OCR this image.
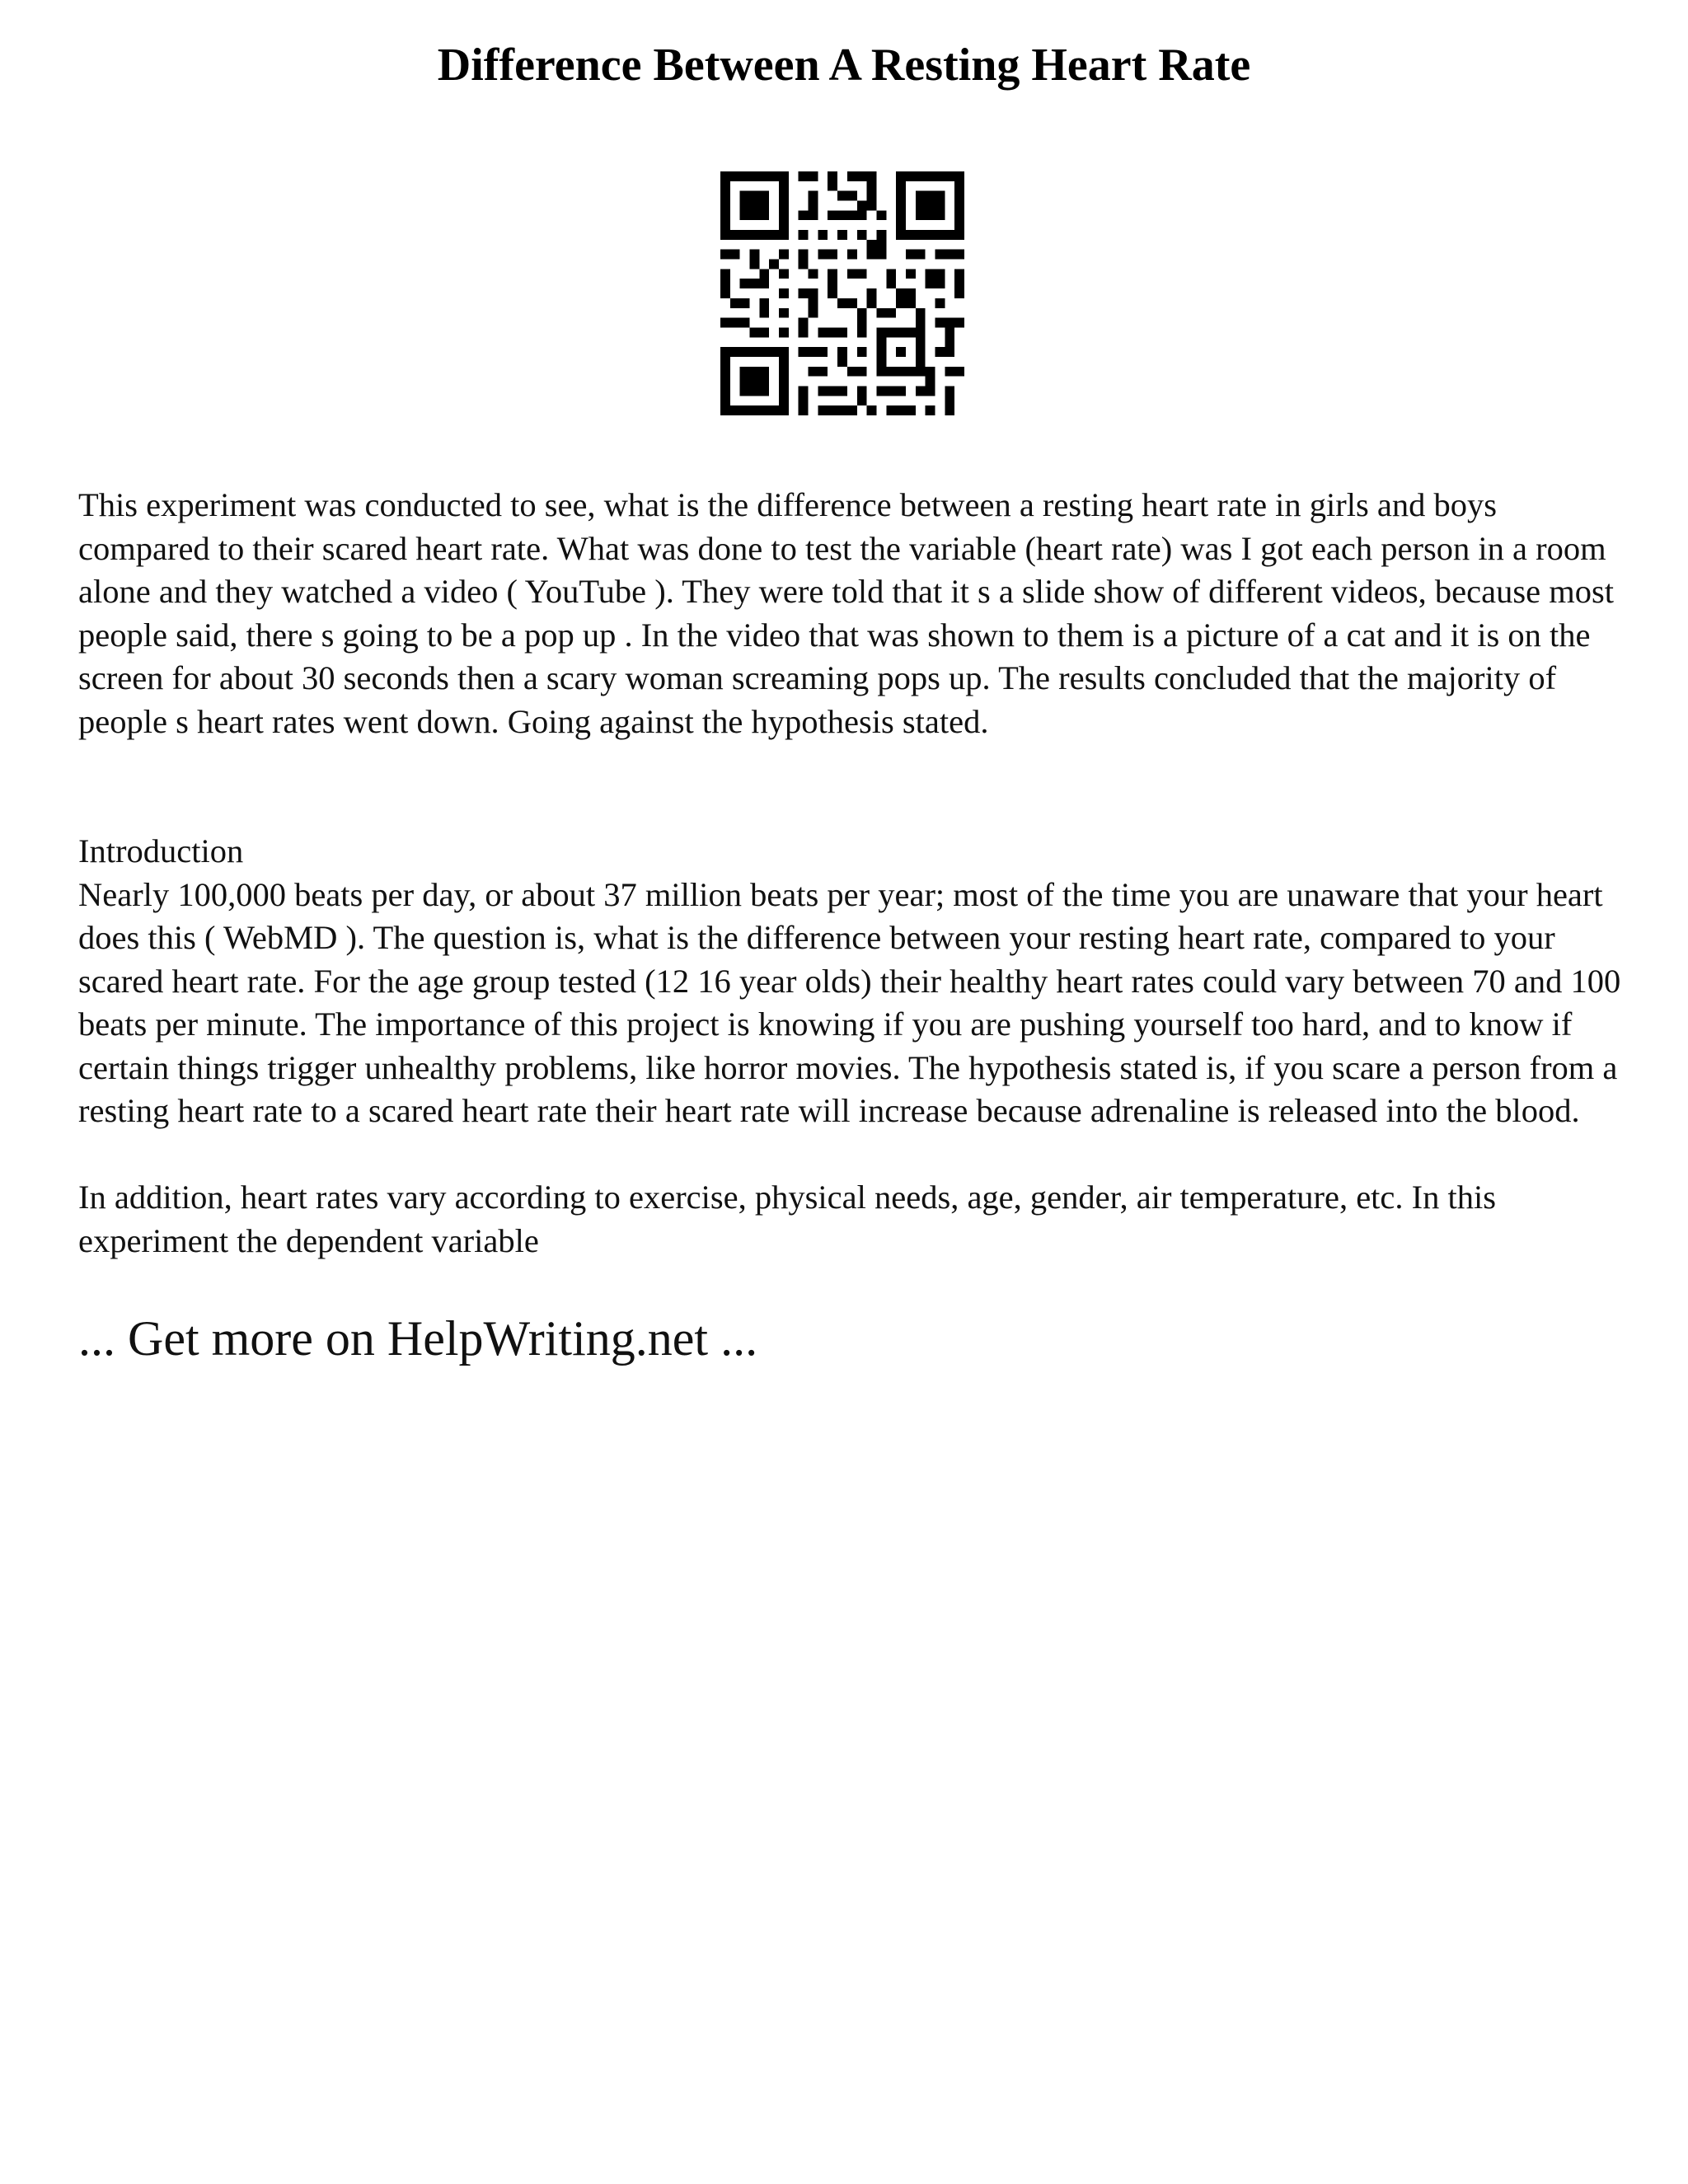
Difference Between A Resting Heart Rate

This experiment was conducted to see, what is the difference between a resting heart rate in girls and boys compared to their scared heart rate. What was done to test the variable (heart rate) was I got each person in a room alone and they watched a video ( YouTube ). They were told that it s a slide show of different videos, because most people said, there s going to be a pop up . In the video that was shown to them is a picture of a cat and it is on the screen for about 30 seconds then a scary woman screaming pops up. The results concluded that the majority of people s heart rates went down. Going against the hypothesis stated.

Introduction

Nearly 100,000 beats per day, or about 37 million beats per year; most of the time you are unaware that your heart does this ( WebMD ). The question is, what is the difference between your resting heart rate, compared to your scared heart rate. For the age group tested (12 16 year olds) their healthy heart rates could vary between 70 and 100 beats per minute. The importance of this project is knowing if you are pushing yourself too hard, and to know if certain things trigger unhealthy problems, like horror movies. The hypothesis stated is, if you scare a person from a resting heart rate to a scared heart rate their heart rate will increase because adrenaline is released into the blood.

In addition, heart rates vary according to exercise, physical needs, age, gender, air temperature, etc. In this experiment the dependent variable

... Get more on HelpWriting.net ...
